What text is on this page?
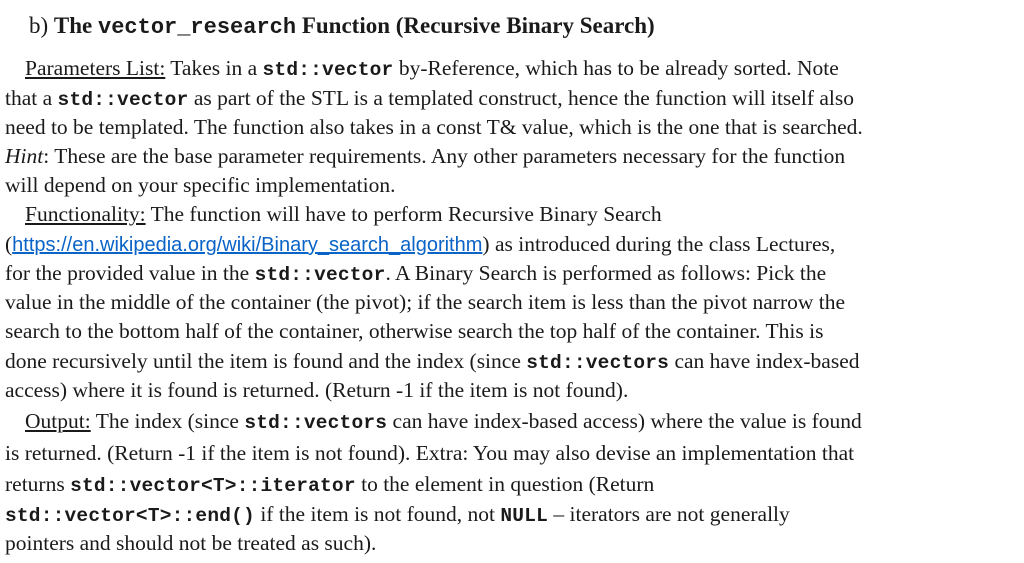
b) The vector_research Function (Recursive Binary Search)
Parameters List: Takes in a std::vector by-Reference, which has to be already sorted. Note
that a std::vector as part of the STL is a templated construct, hence the function will itself also
need to be templated. The function also takes in a const T& value, which is the one that is searched.
Hint: These are the base parameter requirements. Any other parameters necessary for the function
will depend on your specific implementation.
Functionality: The function will have to perform Recursive Binary Search
(https://en.wikipedia.org/wiki/Binary_search_algorithm) as introduced during the class Lectures,
for the provided value in the std::vector. A Binary Search is performed as follows: Pick the
value in the middle of the container (the pivot); if the search item is less than the pivot narrow the
search to the bottom half of the container, otherwise search the top half of the container. This is
done recursively until the item is found and the index (since std::vectors can have index-based
access) where it is found is returned. (Return -1 if the item is not found).
Output: The index (since std::vectors can have index-based access) where the value is found
is returned. (Return -1 if the item is not found). Extra: You may also devise an implementation that
returns std::vector<T>::iterator to the element in question (Return
std::vector<T>::end() if the item is not found, not NULL – iterators are not generally
pointers and should not be treated as such).
